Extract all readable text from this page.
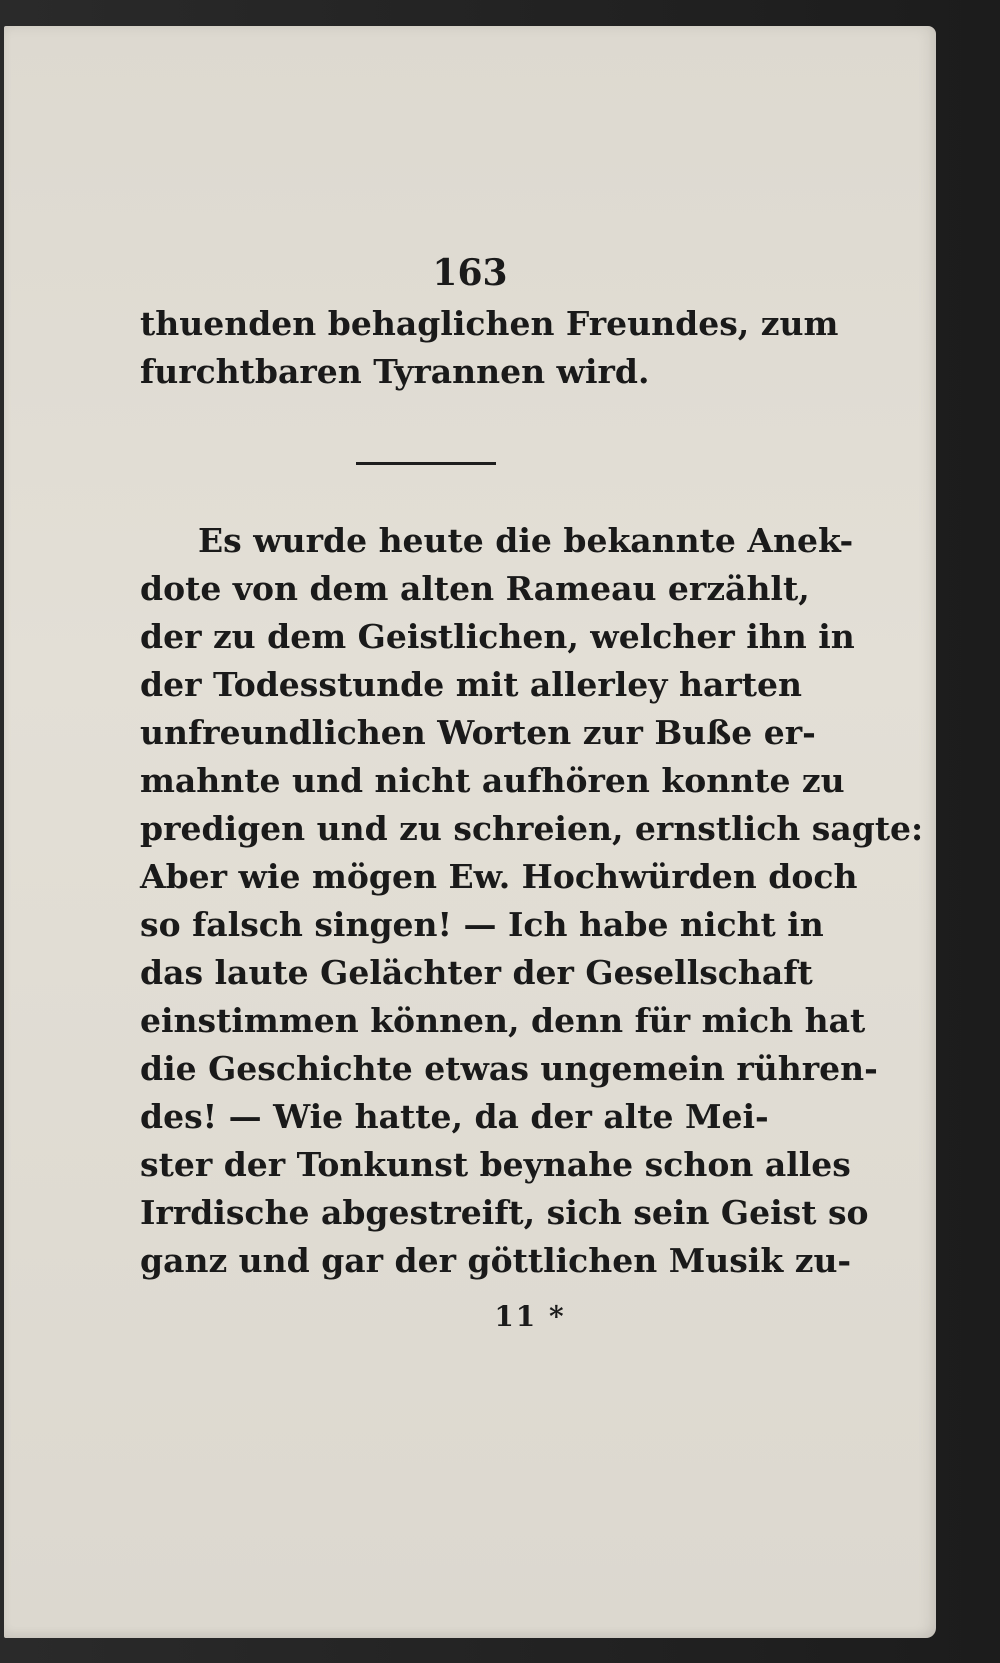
163
thuenden behaglichen Freundes, zum
furchtbaren Tyrannen wird.
Es wurde heute die bekannte Anek-
dote von dem alten Rameau erzählt,
der zu dem Geistlichen, welcher ihn in
der Todesstunde mit allerley harten
unfreundlichen Worten zur Buße er-
mahnte und nicht aufhören konnte zu
predigen und zu schreien, ernstlich sagte:
Aber wie mögen Ew. Hochwürden doch
so falsch singen! — Ich habe nicht in
das laute Gelächter der Gesellschaft
einstimmen können, denn für mich hat
die Geschichte etwas ungemein rühren-
des! — Wie hatte, da der alte Mei-
ster der Tonkunst beynahe schon alles
Irrdische abgestreift, sich sein Geist so
ganz und gar der göttlichen Musik zu-
11 *
